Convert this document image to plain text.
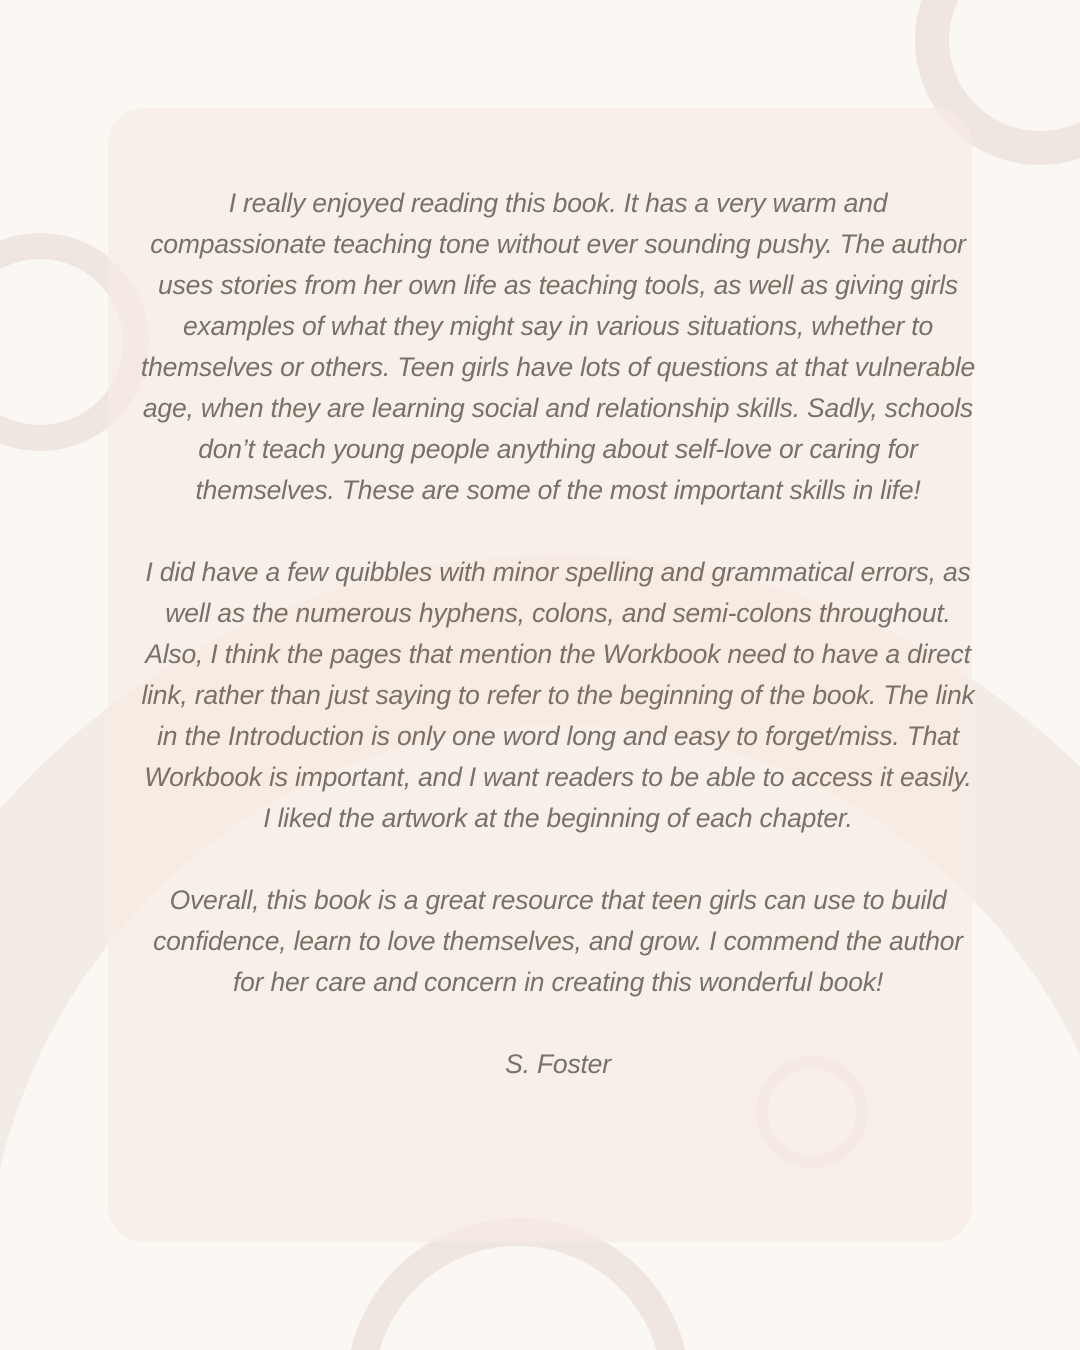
I really enjoyed reading this book. It has a very warm and compassionate teaching tone without ever sounding pushy. The author uses stories from her own life as teaching tools, as well as giving girls examples of what they might say in various situations, whether to themselves or others. Teen girls have lots of questions at that vulnerable age, when they are learning social and relationship skills. Sadly, schools don’t teach young people anything about self-love or caring for themselves. These are some of the most important skills in life!

I did have a few quibbles with minor spelling and grammatical errors, as well as the numerous hyphens, colons, and semi-colons throughout. Also, I think the pages that mention the Workbook need to have a direct link, rather than just saying to refer to the beginning of the book. The link in the Introduction is only one word long and easy to forget/miss. That Workbook is important, and I want readers to be able to access it easily. I liked the artwork at the beginning of each chapter.

Overall, this book is a great resource that teen girls can use to build confidence, learn to love themselves, and grow. I commend the author for her care and concern in creating this wonderful book!

S. Foster
